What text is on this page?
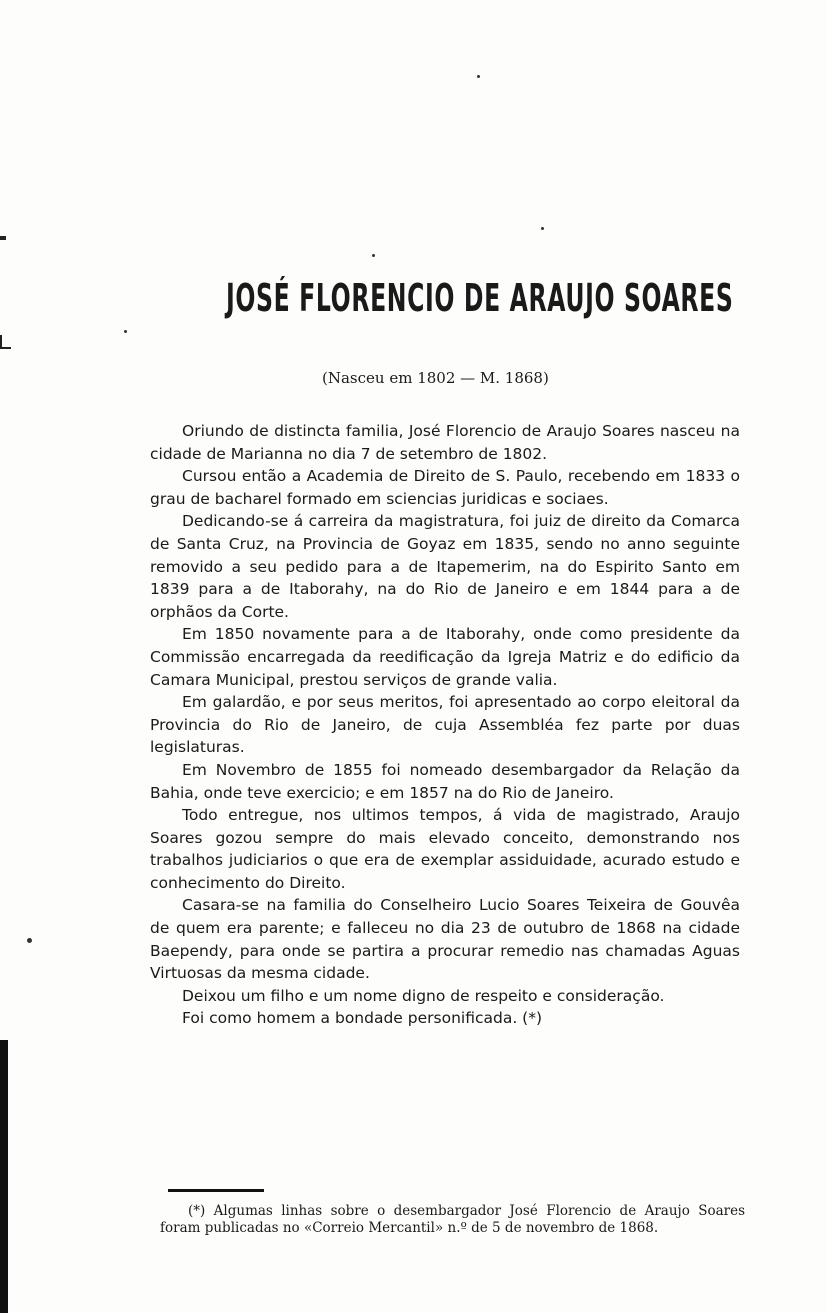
JOSÉ FLORENCIO DE ARAUJO SOARES

(Nasceu em 1802 — M. 1868)

Oriundo de distincta familia, José Florencio de Araujo Soares nasceu na cidade de Marianna no dia 7 de setembro de 1802.

Cursou então a Academia de Direito de S. Paulo, recebendo em 1833 o grau de bacharel formado em sciencias juridicas e sociaes.

Dedicando-se á carreira da magistratura, foi juiz de direito da Comarca de Santa Cruz, na Provincia de Goyaz em 1835, sendo no anno seguinte removido a seu pedido para a de Itapemerim, na do Espirito Santo em 1839 para a de Itaborahy, na do Rio de Janeiro e em 1844 para a de orphãos da Corte.

Em 1850 novamente para a de Itaborahy, onde como presidente da Commissão encarregada da reedificação da Igreja Matriz e do edificio da Camara Municipal, prestou serviços de grande valia.

Em galardão, e por seus meritos, foi apresentado ao corpo eleitoral da Provincia do Rio de Janeiro, de cuja Assembléa fez parte por duas legislaturas.

Em Novembro de 1855 foi nomeado desembargador da Relação da Bahia, onde teve exercicio; e em 1857 na do Rio de Janeiro.

Todo entregue, nos ultimos tempos, á vida de magistrado, Araujo Soares gozou sempre do mais elevado conceito, demonstrando nos trabalhos judiciarios o que era de exemplar assiduidade, acurado estudo e conhecimento do Direito.

Casara-se na familia do Conselheiro Lucio Soares Teixeira de Gouvêa de quem era parente; e falleceu no dia 23 de outubro de 1868 na cidade Baependy, para onde se partira a procurar remedio nas chamadas Aguas Virtuosas da mesma cidade.

Deixou um filho e um nome digno de respeito e consideração.

Foi como homem a bondade personificada. (*)

(*) Algumas linhas sobre o desembargador José Florencio de Araujo Soares foram publicadas no «Correio Mercantil» n.º de 5 de novembro de 1868.
